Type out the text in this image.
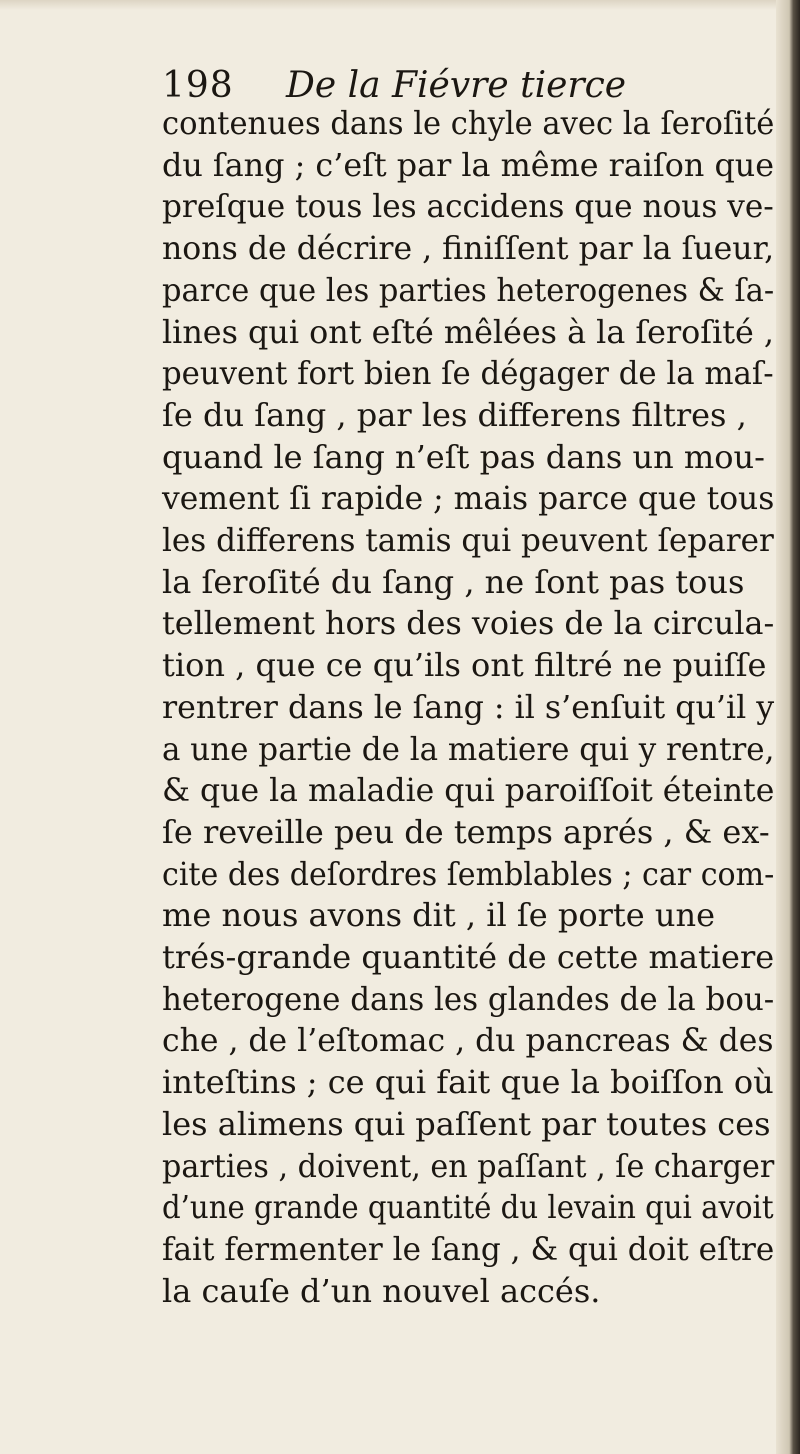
198 De la Fiévre tierce
contenues dans le chyle avec la ſeroſité
du ſang ; c’eſt par la même raiſon que
preſque tous les accidens que nous ve-
nons de décrire , finiſſent par la ſueur,
parce que les parties heterogenes & ſa-
lines qui ont eſté mêlées à la ſeroſité ,
peuvent fort bien ſe dégager de la maſ-
ſe du ſang , par les differens filtres ,
quand le ſang n’eſt pas dans un mou-
vement ſi rapide ; mais parce que tous
les differens tamis qui peuvent ſeparer
la ſeroſité du ſang , ne ſont pas tous
tellement hors des voies de la circula-
tion , que ce qu’ils ont filtré ne puiſſe
rentrer dans le ſang : il s’enſuit qu’il y
a une partie de la matiere qui y rentre,
& que la maladie qui paroiſſoit éteinte
ſe reveille peu de temps aprés , & ex-
cite des deſordres ſemblables ; car com-
me nous avons dit , il ſe porte une
trés-grande quantité de cette matiere
heterogene dans les glandes de la bou-
che , de l’eſtomac , du pancreas & des
inteſtins ; ce qui fait que la boiſſon où
les alimens qui paſſent par toutes ces
parties , doivent, en paſſant , ſe charger
d’une grande quantité du levain qui avoit
fait fermenter le ſang , & qui doit eſtre
la cauſe d’un nouvel accés.
